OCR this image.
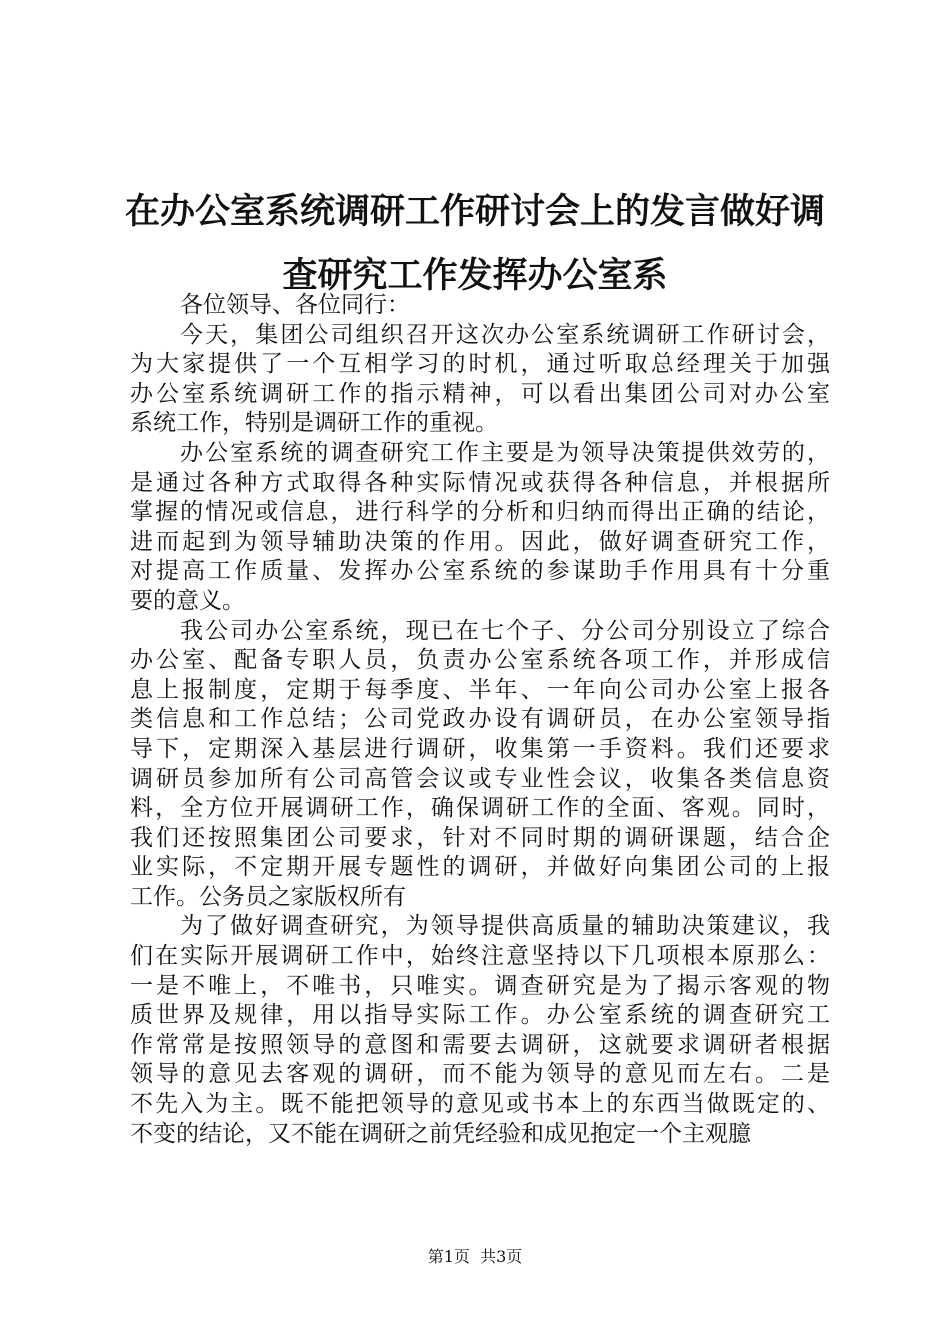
在办公室系统调研工作研讨会上的发言做好调
查研究工作发挥办公室系

各位领导、各位同行：

今天，集团公司组织召开这次办公室系统调研工作研讨会，
为大家提供了一个互相学习的时机，通过听取总经理关于加强
办公室系统调研工作的指示精神，可以看出集团公司对办公室
系统工作，特别是调研工作的重视。

办公室系统的调查研究工作主要是为领导决策提供效劳的，
是通过各种方式取得各种实际情况或获得各种信息，并根据所
掌握的情况或信息，进行科学的分析和归纳而得出正确的结论，
进而起到为领导辅助决策的作用。因此，做好调查研究工作，
对提高工作质量、发挥办公室系统的参谋助手作用具有十分重
要的意义。

我公司办公室系统，现已在七个子、分公司分别设立了综合
办公室、配备专职人员，负责办公室系统各项工作，并形成信
息上报制度，定期于每季度、半年、一年向公司办公室上报各
类信息和工作总结；公司党政办设有调研员，在办公室领导指
导下，定期深入基层进行调研，收集第一手资料。我们还要求
调研员参加所有公司高管会议或专业性会议，收集各类信息资
料，全方位开展调研工作，确保调研工作的全面、客观。同时，
我们还按照集团公司要求，针对不同时期的调研课题，结合企
业实际，不定期开展专题性的调研，并做好向集团公司的上报
工作。公务员之家版权所有

为了做好调查研究，为领导提供高质量的辅助决策建议，我
们在实际开展调研工作中，始终注意坚持以下几项根本原那么：
一是不唯上，不唯书，只唯实。调查研究是为了揭示客观的物
质世界及规律，用以指导实际工作。办公室系统的调查研究工
作常常是按照领导的意图和需要去调研，这就要求调研者根据
领导的意见去客观的调研，而不能为领导的意见而左右。二是
不先入为主。既不能把领导的意见或书本上的东西当做既定的、
不变的结论，又不能在调研之前凭经验和成见抱定一个主观臆

第1页  共3页
